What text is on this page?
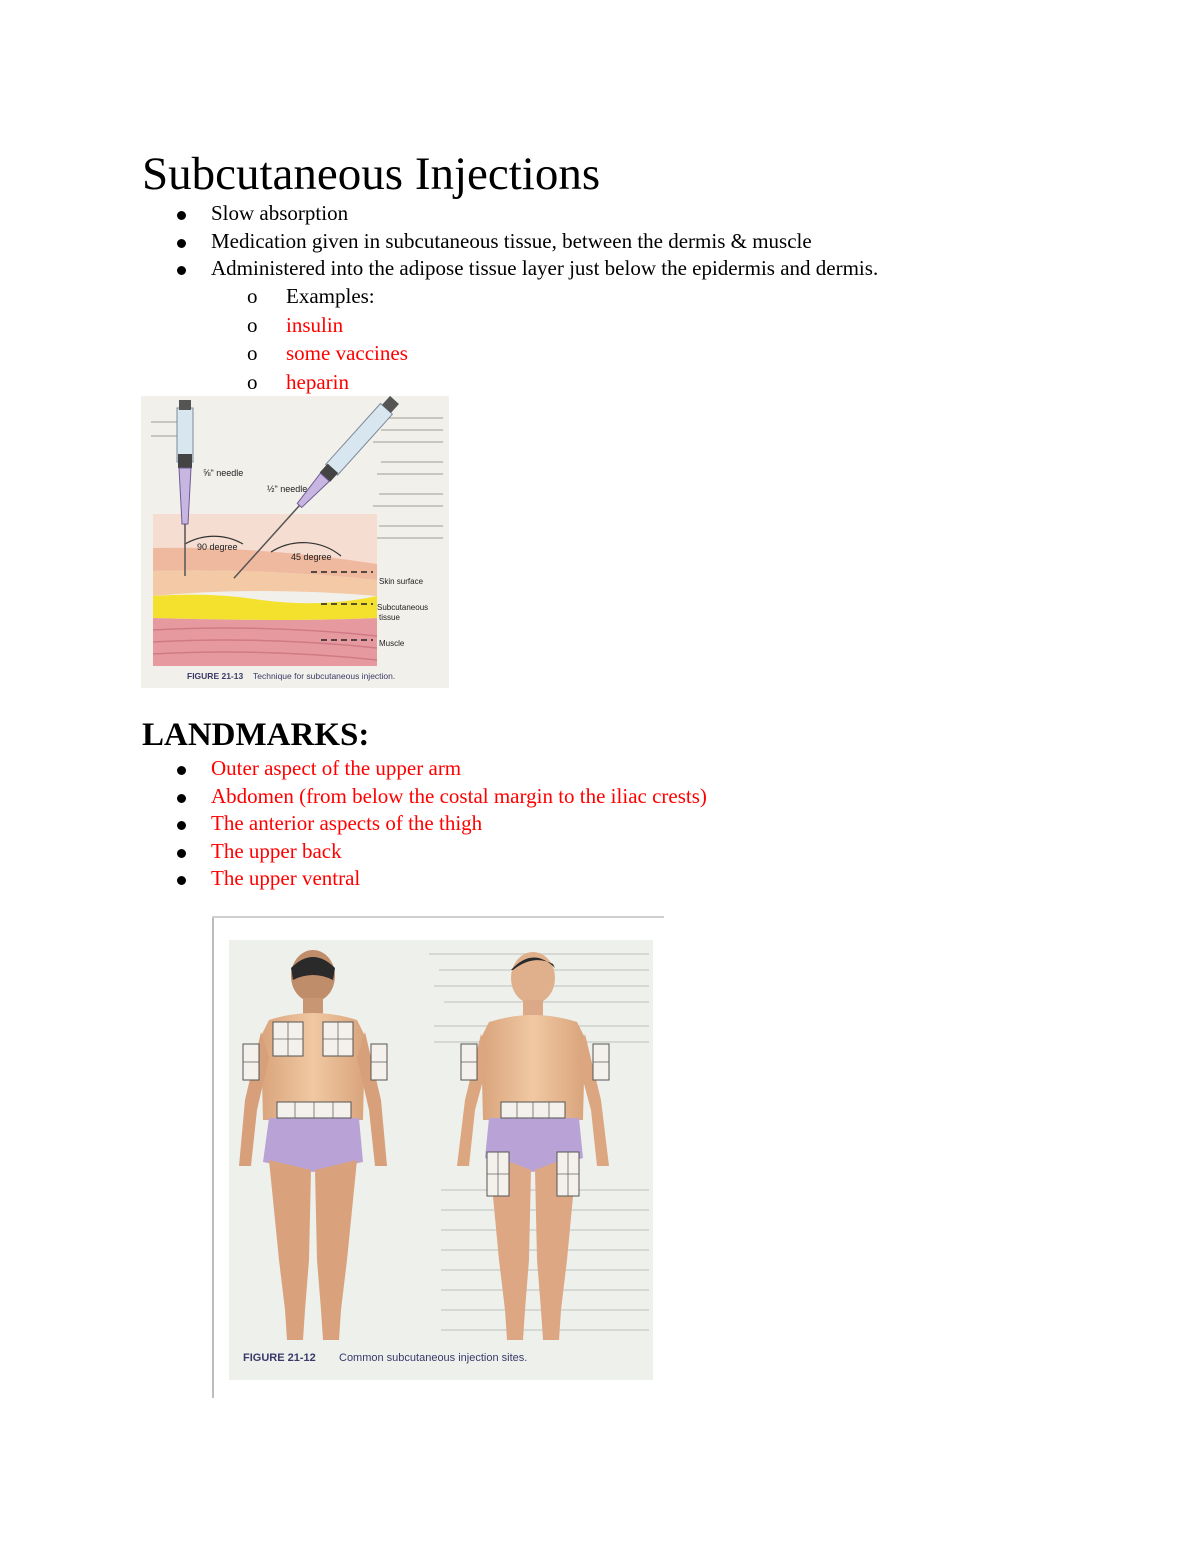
Subcutaneous Injections
Slow absorption
Medication given in subcutaneous tissue, between the dermis & muscle
Administered into the adipose tissue layer just below the epidermis and dermis.
o Examples:
o insulin
o some vaccines
o heparin
⅝" needle
½" needle
90 degree
45 degree
Skin surface
Subcutaneous
tissue
Muscle
FIGURE 21-13 Technique for subcutaneous injection.
LANDMARKS:
Outer aspect of the upper arm
Abdomen (from below the costal margin to the iliac crests)
The anterior aspects of the thigh
The upper back
The upper ventral
FIGURE 21-12 Common subcutaneous injection sites.
